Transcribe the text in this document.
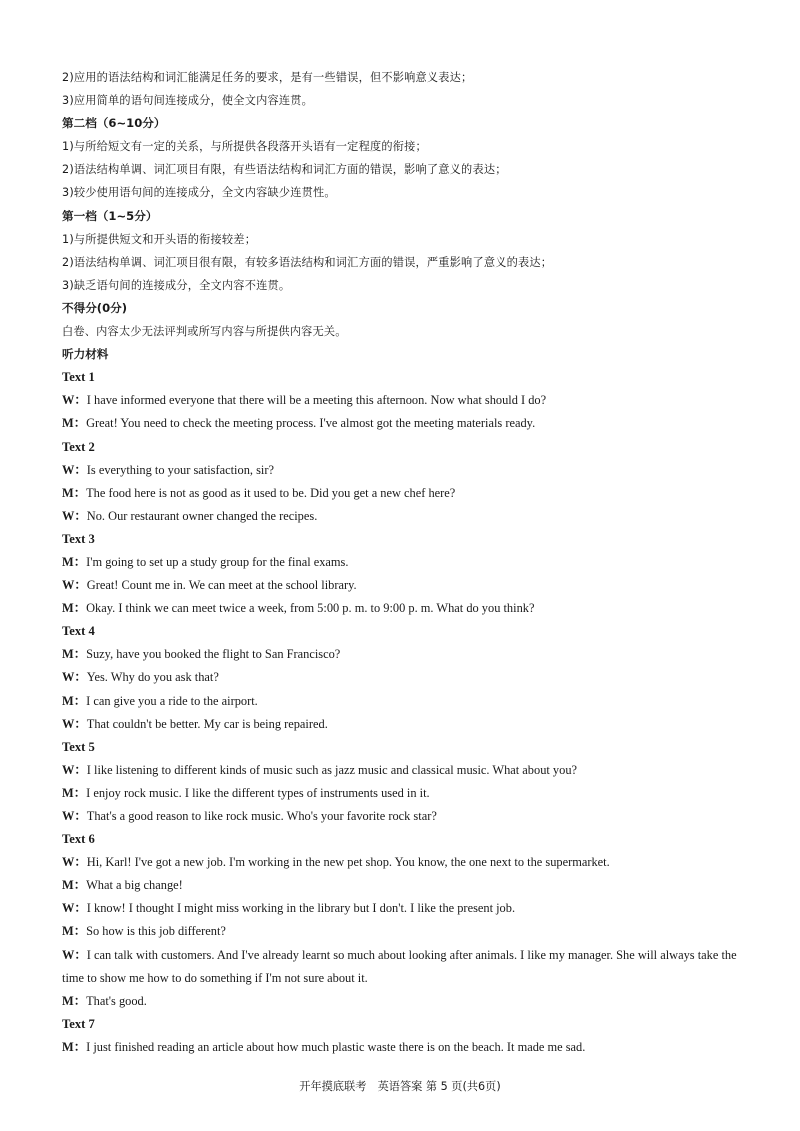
2)应用的语法结构和词汇能满足任务的要求，是有一些错误，但不影响意义表达；
3)应用简单的语句间连接成分，使全文内容连贯。
第二档（6~10分）
1)与所给短文有一定的关系，与所提供各段落开头语有一定程度的衔接；
2)语法结构单调、词汇项目有限，有些语法结构和词汇方面的错误，影响了意义的表达；
3)较少使用语句间的连接成分，全文内容缺少连贯性。
第一档（1~5分）
1)与所提供短文和开头语的衔接较差；
2)语法结构单调、词汇项目很有限，有较多语法结构和词汇方面的错误，严重影响了意义的表达；
3)缺乏语句间的连接成分，全文内容不连贯。
不得分(0分)
白卷、内容太少无法评判或所写内容与所提供内容无关。
听力材料
Text 1
W：I have informed everyone that there will be a meeting this afternoon. Now what should I do?
M：Great! You need to check the meeting process. I've almost got the meeting materials ready.
Text 2
W：Is everything to your satisfaction, sir?
M：The food here is not as good as it used to be. Did you get a new chef here?
W：No. Our restaurant owner changed the recipes.
Text 3
M：I'm going to set up a study group for the final exams.
W：Great! Count me in. We can meet at the school library.
M：Okay. I think we can meet twice a week, from 5:00 p. m. to 9:00 p. m. What do you think?
Text 4
M：Suzy, have you booked the flight to San Francisco?
W：Yes. Why do you ask that?
M：I can give you a ride to the airport.
W：That couldn't be better. My car is being repaired.
Text 5
W：I like listening to different kinds of music such as jazz music and classical music. What about you?
M：I enjoy rock music. I like the different types of instruments used in it.
W：That's a good reason to like rock music. Who's your favorite rock star?
Text 6
W：Hi, Karl! I've got a new job. I'm working in the new pet shop. You know, the one next to the supermarket.
M：What a big change!
W：I know! I thought I might miss working in the library but I don't. I like the present job.
M：So how is this job different?
W：I can talk with customers. And I've already learnt so much about looking after animals. I like my manager. She will always take the time to show me how to do something if I'm not sure about it.
M：That's good.
Text 7
M：I just finished reading an article about how much plastic waste there is on the beach. It made me sad.
开年摸底联考　英语答案 第 5 页(共6页)
